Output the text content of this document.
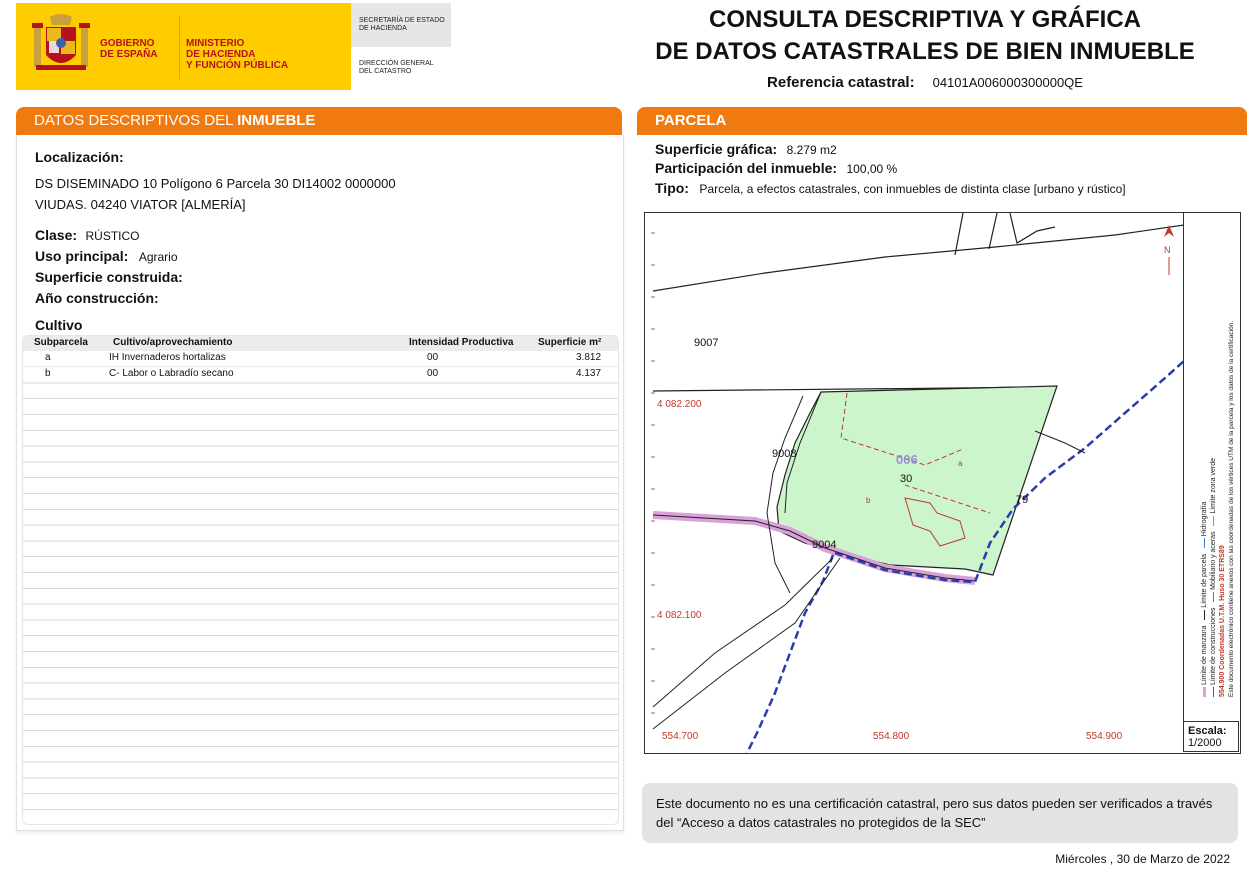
GOBIERNO
DE ESPAÑA
MINISTERIO
DE HACIENDA
Y FUNCIÓN PÚBLICA
SECRETARÍA DE ESTADO
DE HACIENDA
DIRECCIÓN GENERAL
DEL CATASTRO
CONSULTA DESCRIPTIVA Y GRÁFICA
DE DATOS CATASTRALES DE BIEN INMUEBLE
Referencia catastral: 04101A006000300000QE
DATOS DESCRIPTIVOS DEL INMUEBLE
Localización:
DS DISEMINADO 10 Polígono 6 Parcela 30 DI14002 0000000
VIUDAS. 04240 VIATOR [ALMERÍA]
Clase: RÚSTICO
Uso principal: Agrario
Superficie construida:
Año construcción:
Cultivo
Subparcela	Cultivo/aprovechamiento	Intensidad Productiva Superficie m²
a	IH Invernaderos hortalizas	00	3.812
b	C- Labor o Labradío secano	00	4.137
PARCELA
Superficie gráfica: 8.279 m2
Participación del inmueble: 100,00 %
Tipo: Parcela, a efectos catastrales, con inmuebles de distinta clase [urbano y rústico]
9007
9008	006
30
a
b	79
9004
4 082.200
4 082.100
554.700	554.800	554.900
N
Límite de manzana    Límite de parcela    Hidrografía
Límite de construcciones    Mobiliario y aceras    Límite zona verde
554.900 Coordenadas U.T.M. Huso 30 ETRS89 Este documento electrónico contiene anexos con las coordenadas de los vértices UTM de la parcela y los datos de la certificación.
Escala:
1/2000
Este documento no es una certificación catastral, pero sus datos pueden ser verificados a través del “Acceso a datos catastrales no protegidos de la SEC”
Miércoles , 30 de Marzo de 2022
